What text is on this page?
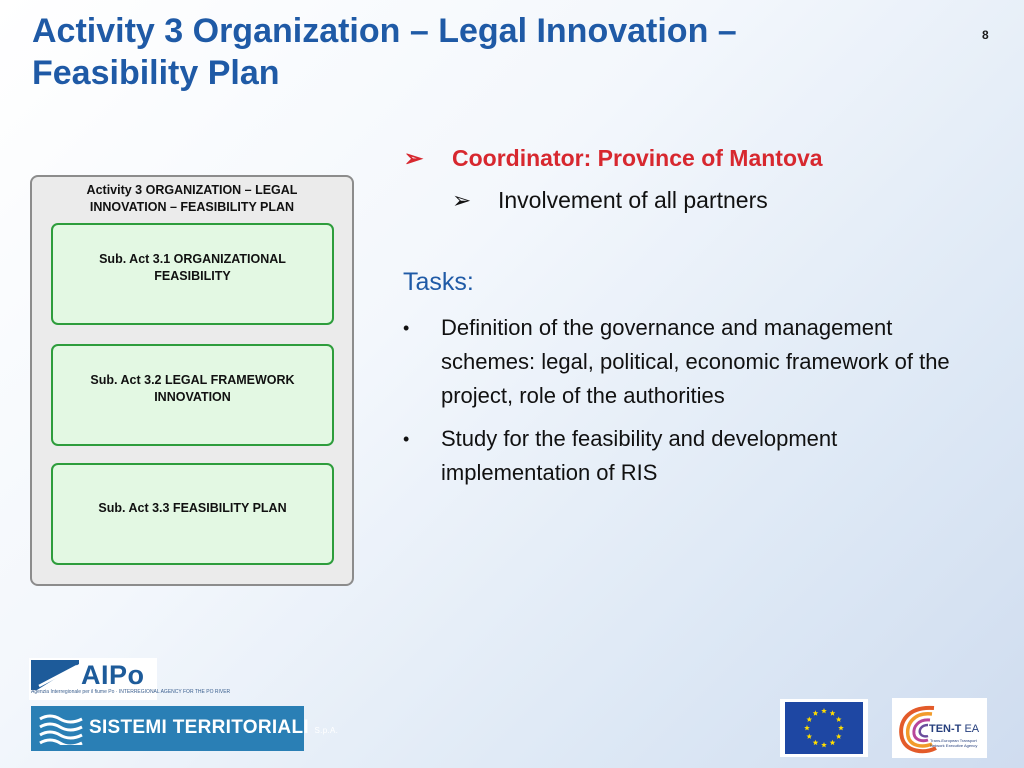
Activity 3 Organization – Legal Innovation – Feasibility Plan
8
Activity 3 ORGANIZATION – LEGAL INNOVATION – FEASIBILITY PLAN
Sub. Act 3.1 ORGANIZATIONAL FEASIBILITY
Sub. Act 3.2 LEGAL FRAMEWORK INNOVATION
Sub. Act 3.3 FEASIBILITY PLAN
➢ Coordinator: Province of Mantova
➢ Involvement of all partners
Tasks:
• Definition of the governance and management schemes: legal, political, economic framework of the project, role of the authorities
• Study for the feasibility and development implementation of RIS
AIPo
Agenzia Interregionale per il fiume Po · INTERREGIONAL AGENCY FOR THE PO RIVER
SISTEMI TERRITORIALI S.p.A.	TEN-T EA
Trans-European Transport Network Executive Agency
